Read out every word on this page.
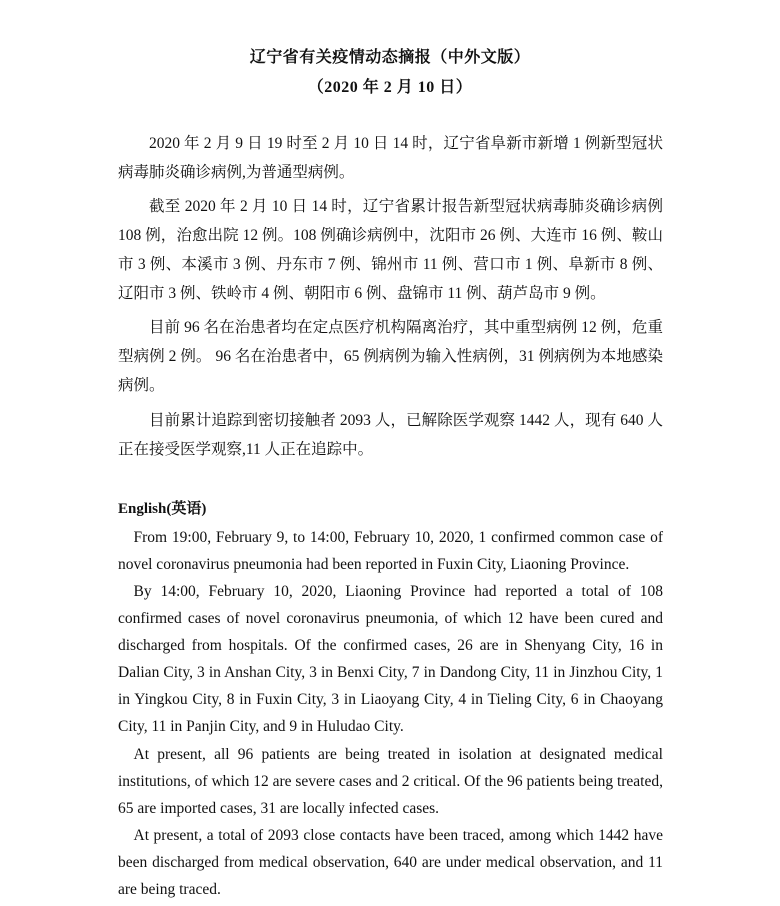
辽宁省有关疫情动态摘报（中外文版）
（2020 年 2 月 10 日）

2020 年 2 月 9 日 19 时至 2 月 10 日 14 时，辽宁省阜新市新增 1 例新型冠状病毒肺炎确诊病例,为普通型病例。

截至 2020 年 2 月 10 日 14 时，辽宁省累计报告新型冠状病毒肺炎确诊病例 108 例，治愈出院 12 例。108 例确诊病例中，沈阳市 26 例、大连市 16 例、鞍山市 3 例、本溪市 3 例、丹东市 7 例、锦州市 11 例、营口市 1 例、阜新市 8 例、辽阳市 3 例、铁岭市 4 例、朝阳市 6 例、盘锦市 11 例、葫芦岛市 9 例。

目前 96 名在治患者均在定点医疗机构隔离治疗，其中重型病例 12 例，危重型病例 2 例。 96 名在治患者中，65 例病例为输入性病例，31 例病例为本地感染病例。

目前累计追踪到密切接触者 2093 人，已解除医学观察 1442 人，现有 640 人正在接受医学观察,11 人正在追踪中。

English(英语)

From 19:00, February 9, to 14:00, February 10, 2020, 1 confirmed common case of novel coronavirus pneumonia had been reported in Fuxin City, Liaoning Province.

By 14:00, February 10, 2020, Liaoning Province had reported a total of 108 confirmed cases of novel coronavirus pneumonia, of which 12 have been cured and discharged from hospitals. Of the confirmed cases, 26 are in Shenyang City, 16 in Dalian City, 3 in Anshan City, 3 in Benxi City, 7 in Dandong City, 11 in Jinzhou City, 1 in Yingkou City, 8 in Fuxin City, 3 in Liaoyang City, 4 in Tieling City, 6 in Chaoyang City, 11 in Panjin City, and 9 in Huludao City.

At present, all 96 patients are being treated in isolation at designated medical institutions, of which 12 are severe cases and 2 critical. Of the 96 patients being treated, 65 are imported cases, 31 are locally infected cases.

At present, a total of 2093 close contacts have been traced, among which 1442 have been discharged from medical observation, 640 are under medical observation, and 11 are being traced.
